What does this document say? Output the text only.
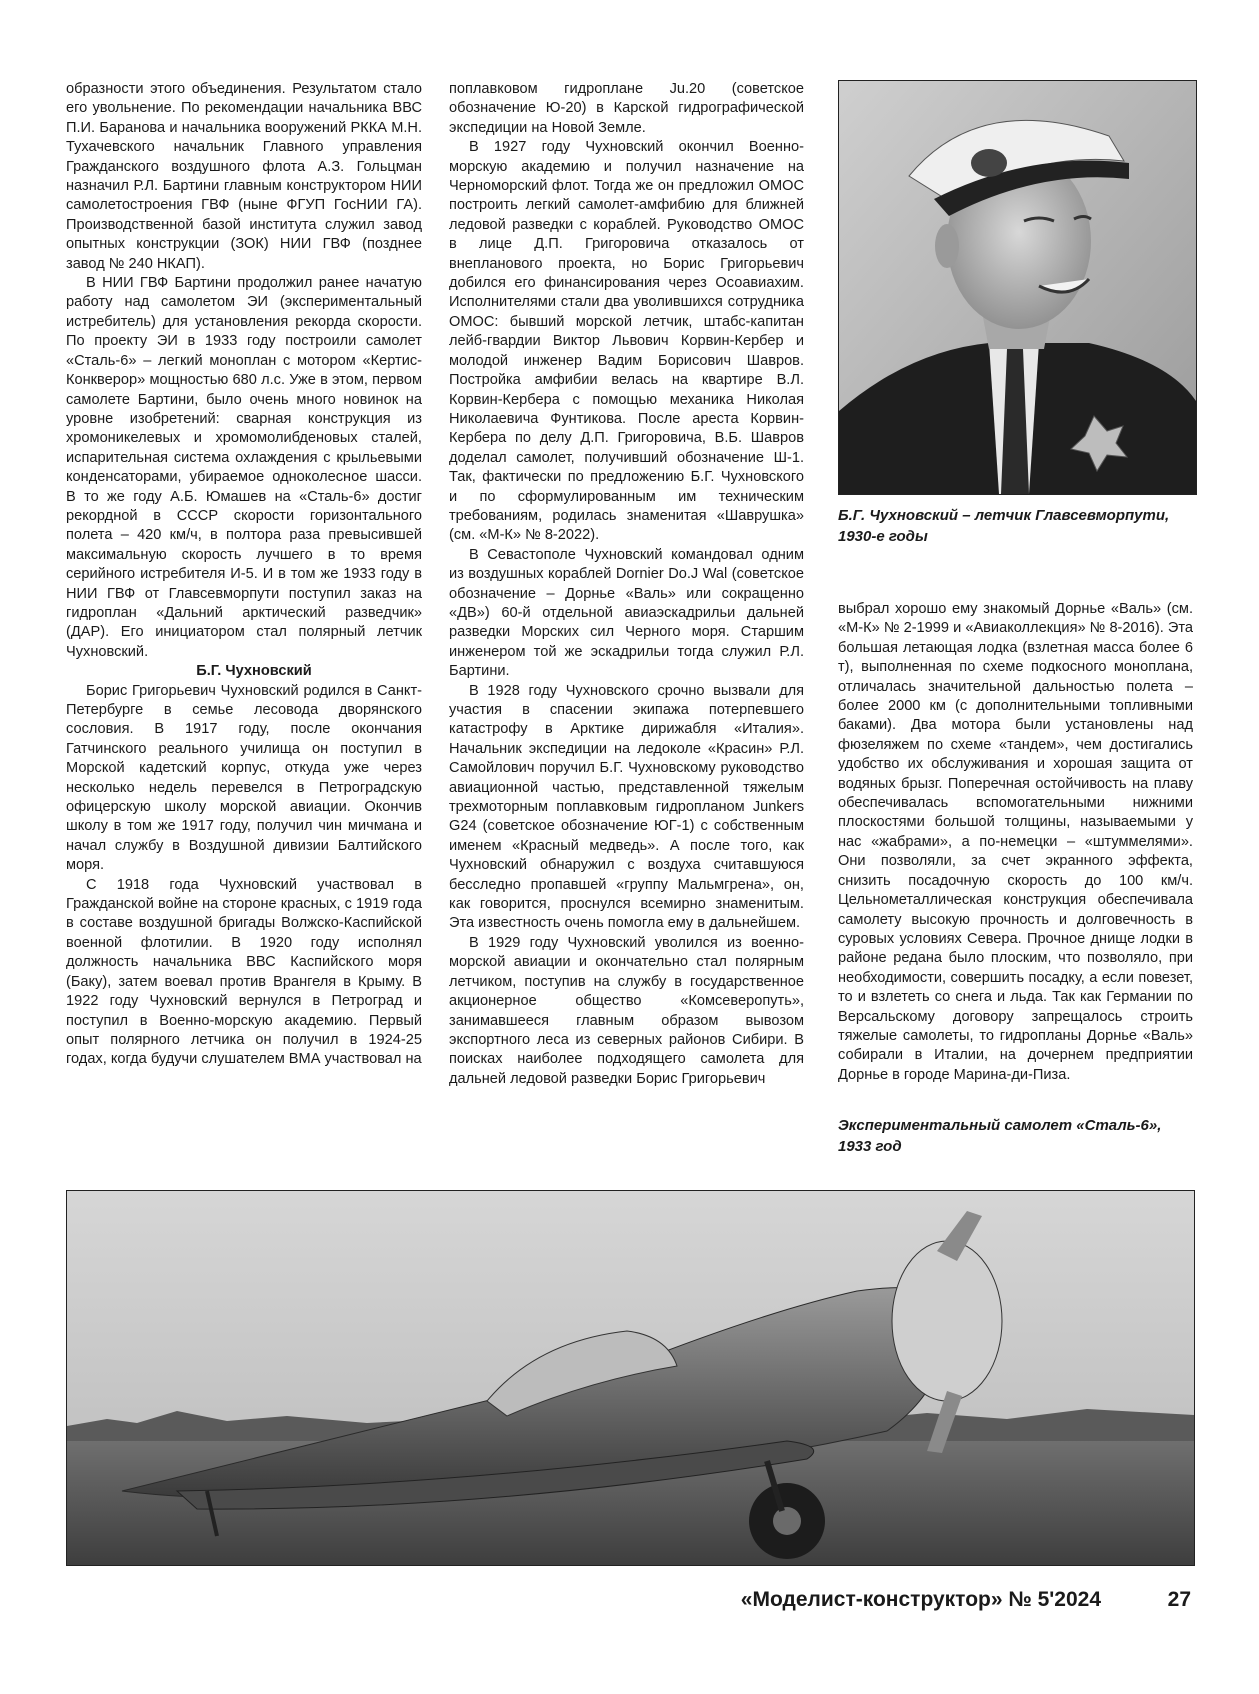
образности этого объединения. Результатом стало его увольнение. По рекомендации начальника ВВС П.И. Баранова и начальника вооружений РККА М.Н. Тухачевского начальник Главного управления Гражданского воздушного флота А.З. Гольцман назначил Р.Л. Бартини главным конструктором НИИ самолетостроения ГВФ (ныне ФГУП ГосНИИ ГА). Производственной базой института служил завод опытных конструкции (ЗОК) НИИ ГВФ (позднее завод № 240 НКАП).

В НИИ ГВФ Бартини продолжил ранее начатую работу над самолетом ЭИ (экспериментальный истребитель) для установления рекорда скорости. По проекту ЭИ в 1933 году построили самолет «Сталь-6» – легкий моноплан с мотором «Кертис-Конкверор» мощностью 680 л.с. Уже в этом, первом самолете Бартини, было очень много новинок на уровне изобретений: сварная конструкция из хромоникелевых и хромомолибденовых сталей, испарительная система охлаждения с крыльевыми конденсаторами, убираемое одноколесное шасси. В то же году А.Б. Юмашев на «Сталь-6» достиг рекордной в СССР скорости горизонтального полета – 420 км/ч, в полтора раза превысившей максимальную скорость лучшего в то время серийного истребителя И-5. И в том же 1933 году в НИИ ГВФ от Главсевморпути поступил заказ на гидроплан «Дальний арктический разведчик» (ДАР). Его инициатором стал полярный летчик Чухновский.

Б.Г. Чухновский

Борис Григорьевич Чухновский родился в Санкт-Петербурге в семье лесовода дворянского сословия. В 1917 году, после окончания Гатчинского реального училища он поступил в Морской кадетский корпус, откуда уже через несколько недель перевелся в Петроградскую офицерскую школу морской авиации. Окончив школу в том же 1917 году, получил чин мичмана и начал службу в Воздушной дивизии Балтийского моря.

С 1918 года Чухновский участвовал в Гражданской войне на стороне красных, с 1919 года в составе воздушной бригады Волжско-Каспийской военной флотилии. В 1920 году исполнял должность начальника ВВС Каспийского моря (Баку), затем воевал против Врангеля в Крыму. В 1922 году Чухновский вернулся в Петроград и поступил в Военно-морскую академию. Первый опыт полярного летчика он получил в 1924-25 годах, когда будучи слушателем ВМА участвовал на

поплавковом гидроплане Ju.20 (советское обозначение Ю-20) в Карской гидрографической экспедиции на Новой Земле.

В 1927 году Чухновский окончил Военно-морскую академию и получил назначение на Черноморский флот. Тогда же он предложил ОМОС построить легкий самолет-амфибию для ближней ледовой разведки с кораблей. Руководство ОМОС в лице Д.П. Григоровича отказалось от внепланового проекта, но Борис Григорьевич добился его финансирования через Осоавиахим. Исполнителями стали два уволившихся сотрудника ОМОС: бывший морской летчик, штабс-капитан лейб-гвардии Виктор Львович Корвин-Кербер и молодой инженер Вадим Борисович Шавров. Постройка амфибии велась на квартире В.Л. Корвин-Кербера с помощью механика Николая Николаевича Фунтикова. После ареста Корвин-Кербера по делу Д.П. Григоровича, В.Б. Шавров доделал самолет, получивший обозначение Ш-1. Так, фактически по предложению Б.Г. Чухновского и по сформулированным им техническим требованиям, родилась знаменитая «Шаврушка» (см. «М-К» № 8-2022).

В Севастополе Чухновский командовал одним из воздушных кораблей Dornier Do.J Wal (советское обозначение – Дорнье «Валь» или сокращенно «ДВ») 60-й отдельной авиаэскадрильи дальней разведки Морских сил Черного моря. Старшим инженером той же эскадрильи тогда служил Р.Л. Бартини.

В 1928 году Чухновского срочно вызвали для участия в спасении экипажа потерпевшего катастрофу в Арктике дирижабля «Италия». Начальник экспедиции на ледоколе «Красин» Р.Л. Самойлович поручил Б.Г. Чухновскому руководство авиационной частью, представленной тяжелым трехмоторным поплавковым гидропланом Junkers G24 (советское обозначение ЮГ-1) с собственным именем «Красный медведь». А после того, как Чухновский обнаружил с воздуха считавшуюся бесследно пропавшей «группу Мальмгрена», он, как говорится, проснулся всемирно знаменитым. Эта известность очень помогла ему в дальнейшем.

В 1929 году Чухновский уволился из военно-морской авиации и окончательно стал полярным летчиком, поступив на службу в государственное акционерное общество «Комсеверопуть», занимавшееся главным образом вывозом экспортного леса из северных районов Сибири. В поисках наиболее подходящего самолета для дальней ледовой разведки Борис Григорьевич

Б.Г. Чухновский – летчик Главсевморпути, 1930-е годы

выбрал хорошо ему знакомый Дорнье «Валь» (см. «М-К» № 2-1999 и «Авиаколлекция» № 8-2016). Эта большая летающая лодка (взлетная масса более 6 т), выполненная по схеме подкосного моноплана, отличалась значительной дальностью полета – более 2000 км (с дополнительными топливными баками). Два мотора были установлены над фюзеляжем по схеме «тандем», чем достигались удобство их обслуживания и хорошая защита от водяных брызг. Поперечная остойчивость на плаву обеспечивалась вспомогательными нижними плоскостями большой толщины, называемыми у нас «жабрами», а по-немецки – «штуммелями». Они позволяли, за счет экранного эффекта, снизить посадочную скорость до 100 км/ч. Цельнометаллическая конструкция обеспечивала самолету высокую прочность и долговечность в суровых условиях Севера. Прочное днище лодки в районе редана было плоским, что позволяло, при необходимости, совершить посадку, а если повезет, то и взлететь со снега и льда. Так как Германии по Версальскому договору запрещалось строить тяжелые самолеты, то гидропланы Дорнье «Валь» собирали в Италии, на дочернем предприятии Дорнье в городе Марина-ди-Пиза.

Экспериментальный самолет «Сталь-6», 1933 год
«Моделист-конструктор» № 5'2024	27
